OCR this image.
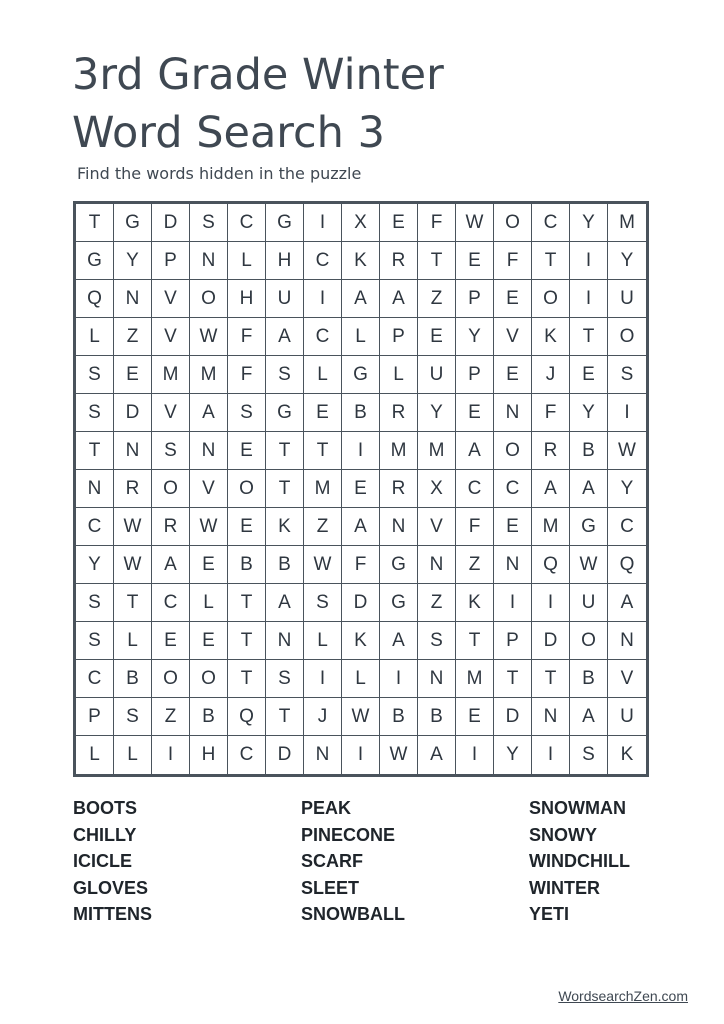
3rd Grade Winter
Word Search 3
Find the words hidden in the puzzle
T	G	D	S	C	G	I	X	E	F	W	O	C	Y	M
G	Y	P	N	L	H	C	K	R	T	E	F	T	I	Y
Q	N	V	O	H	U	I	A	A	Z	P	E	O	I	U
L	Z	V	W	F	A	C	L	P	E	Y	V	K	T	O
S	E	M	M	F	S	L	G	L	U	P	E	J	E	S
S	D	V	A	S	G	E	B	R	Y	E	N	F	Y	I
T	N	S	N	E	T	T	I	M	M	A	O	R	B	W
N	R	O	V	O	T	M	E	R	X	C	C	A	A	Y
C	W	R	W	E	K	Z	A	N	V	F	E	M	G	C
Y	W	A	E	B	B	W	F	G	N	Z	N	Q	W	Q
S	T	C	L	T	A	S	D	G	Z	K	I	I	U	A
S	L	E	E	T	N	L	K	A	S	T	P	D	O	N
C	B	O	O	T	S	I	L	I	N	M	T	T	B	V
P	S	Z	B	Q	T	J	W	B	B	E	D	N	A	U
L	L	I	H	C	D	N	I	W	A	I	Y	I	S	K
BOOTS
CHILLY
ICICLE
GLOVES
MITTENS
PEAK
PINECONE
SCARF
SLEET
SNOWBALL
SNOWMAN
SNOWY
WINDCHILL
WINTER
YETI
WordsearchZen.com
